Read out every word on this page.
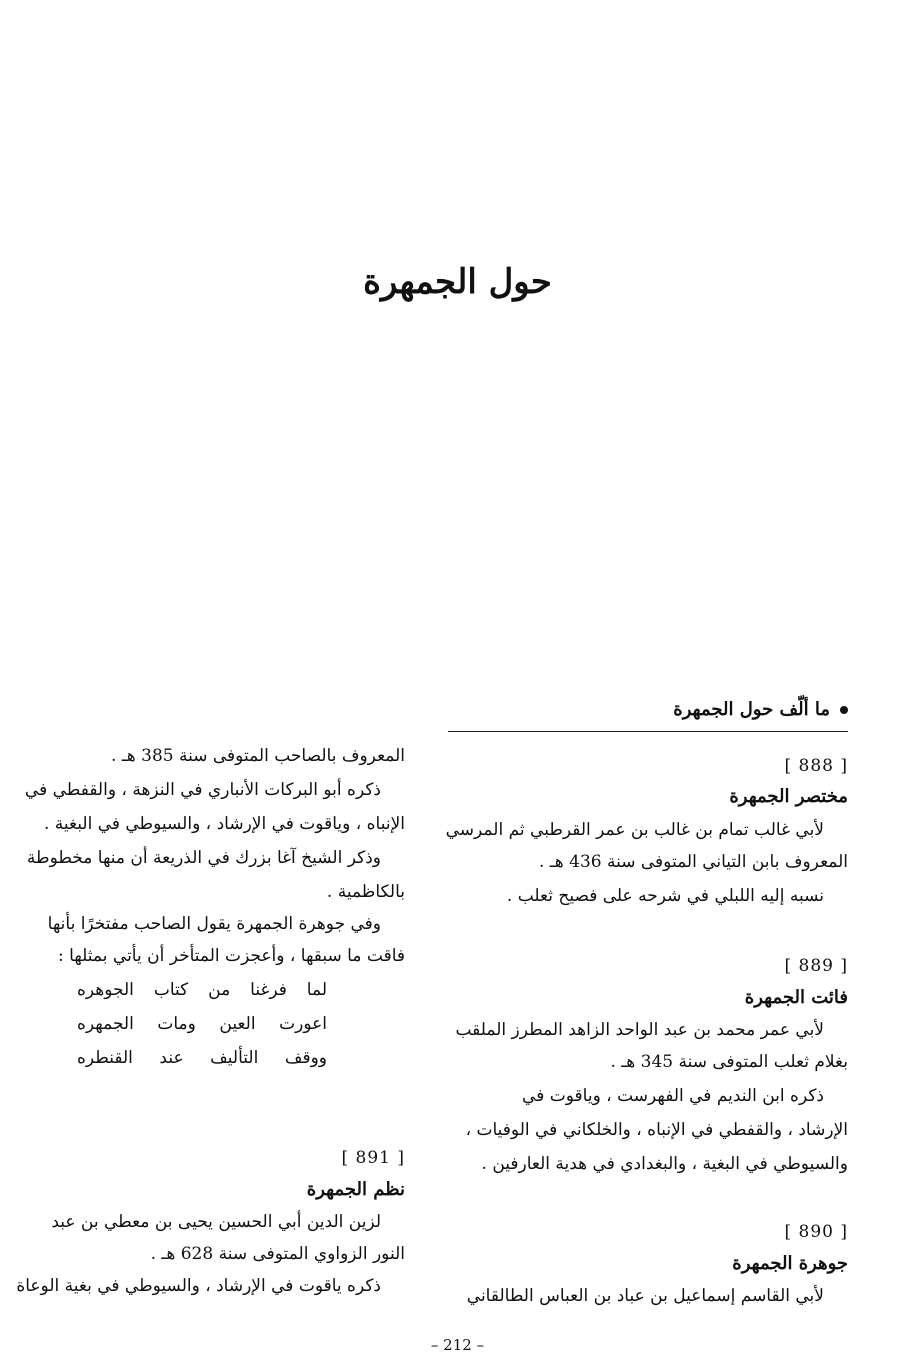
حول الجمهرة
ما ألّف حول الجمهرة
[ 888 ]
مختصر الجمهرة
لأبي غالب تمام بن غالب بن عمر القرطبي ثم المرسي
المعروف بابن التياني المتوفى سنة 436 هـ .
نسبه إليه اللبلي في شرحه على فصيح ثعلب .
[ 889 ]
فائت الجمهرة
لأبي عمر محمد بن عبد الواحد الزاهد المطرز الملقب
بغلام ثعلب المتوفى سنة 345 هـ .
ذكره ابن النديم في الفهرست ، وياقوت في
الإرشاد ، والقفطي في الإنباه ، والخلكاني في الوفيات ،
والسيوطي في البغية ، والبغدادي في هدية العارفين .
[ 890 ]
جوهرة الجمهرة
لأبي القاسم إسماعيل بن عباد بن العباس الطالقاني
المعروف بالصاحب المتوفى سنة 385 هـ .
ذكره أبو البركات الأنباري في النزهة ، والقفطي في
الإنباه ، وياقوت في الإرشاد ، والسيوطي في البغية .
وذكر الشيخ آغا بزرك في الذريعة أن منها مخطوطة
بالكاظمية .
وفي جوهرة الجمهرة يقول الصاحب مفتخرًا بأنها
فاقت ما سبقها ، وأعجزت المتأخر أن يأتي بمثلها :
لما فرغنا من كتاب الجوهره
اعورت العين ومات الجمهره
ووقف التأليف عند القنطره
[ 891 ]
نظم الجمهرة
لزين الدين أبي الحسين يحيى بن معطي بن عبد
النور الزواوي المتوفى سنة 628 هـ .
ذكره ياقوت في الإرشاد ، والسيوطي في بغية الوعاة
– 212 –
